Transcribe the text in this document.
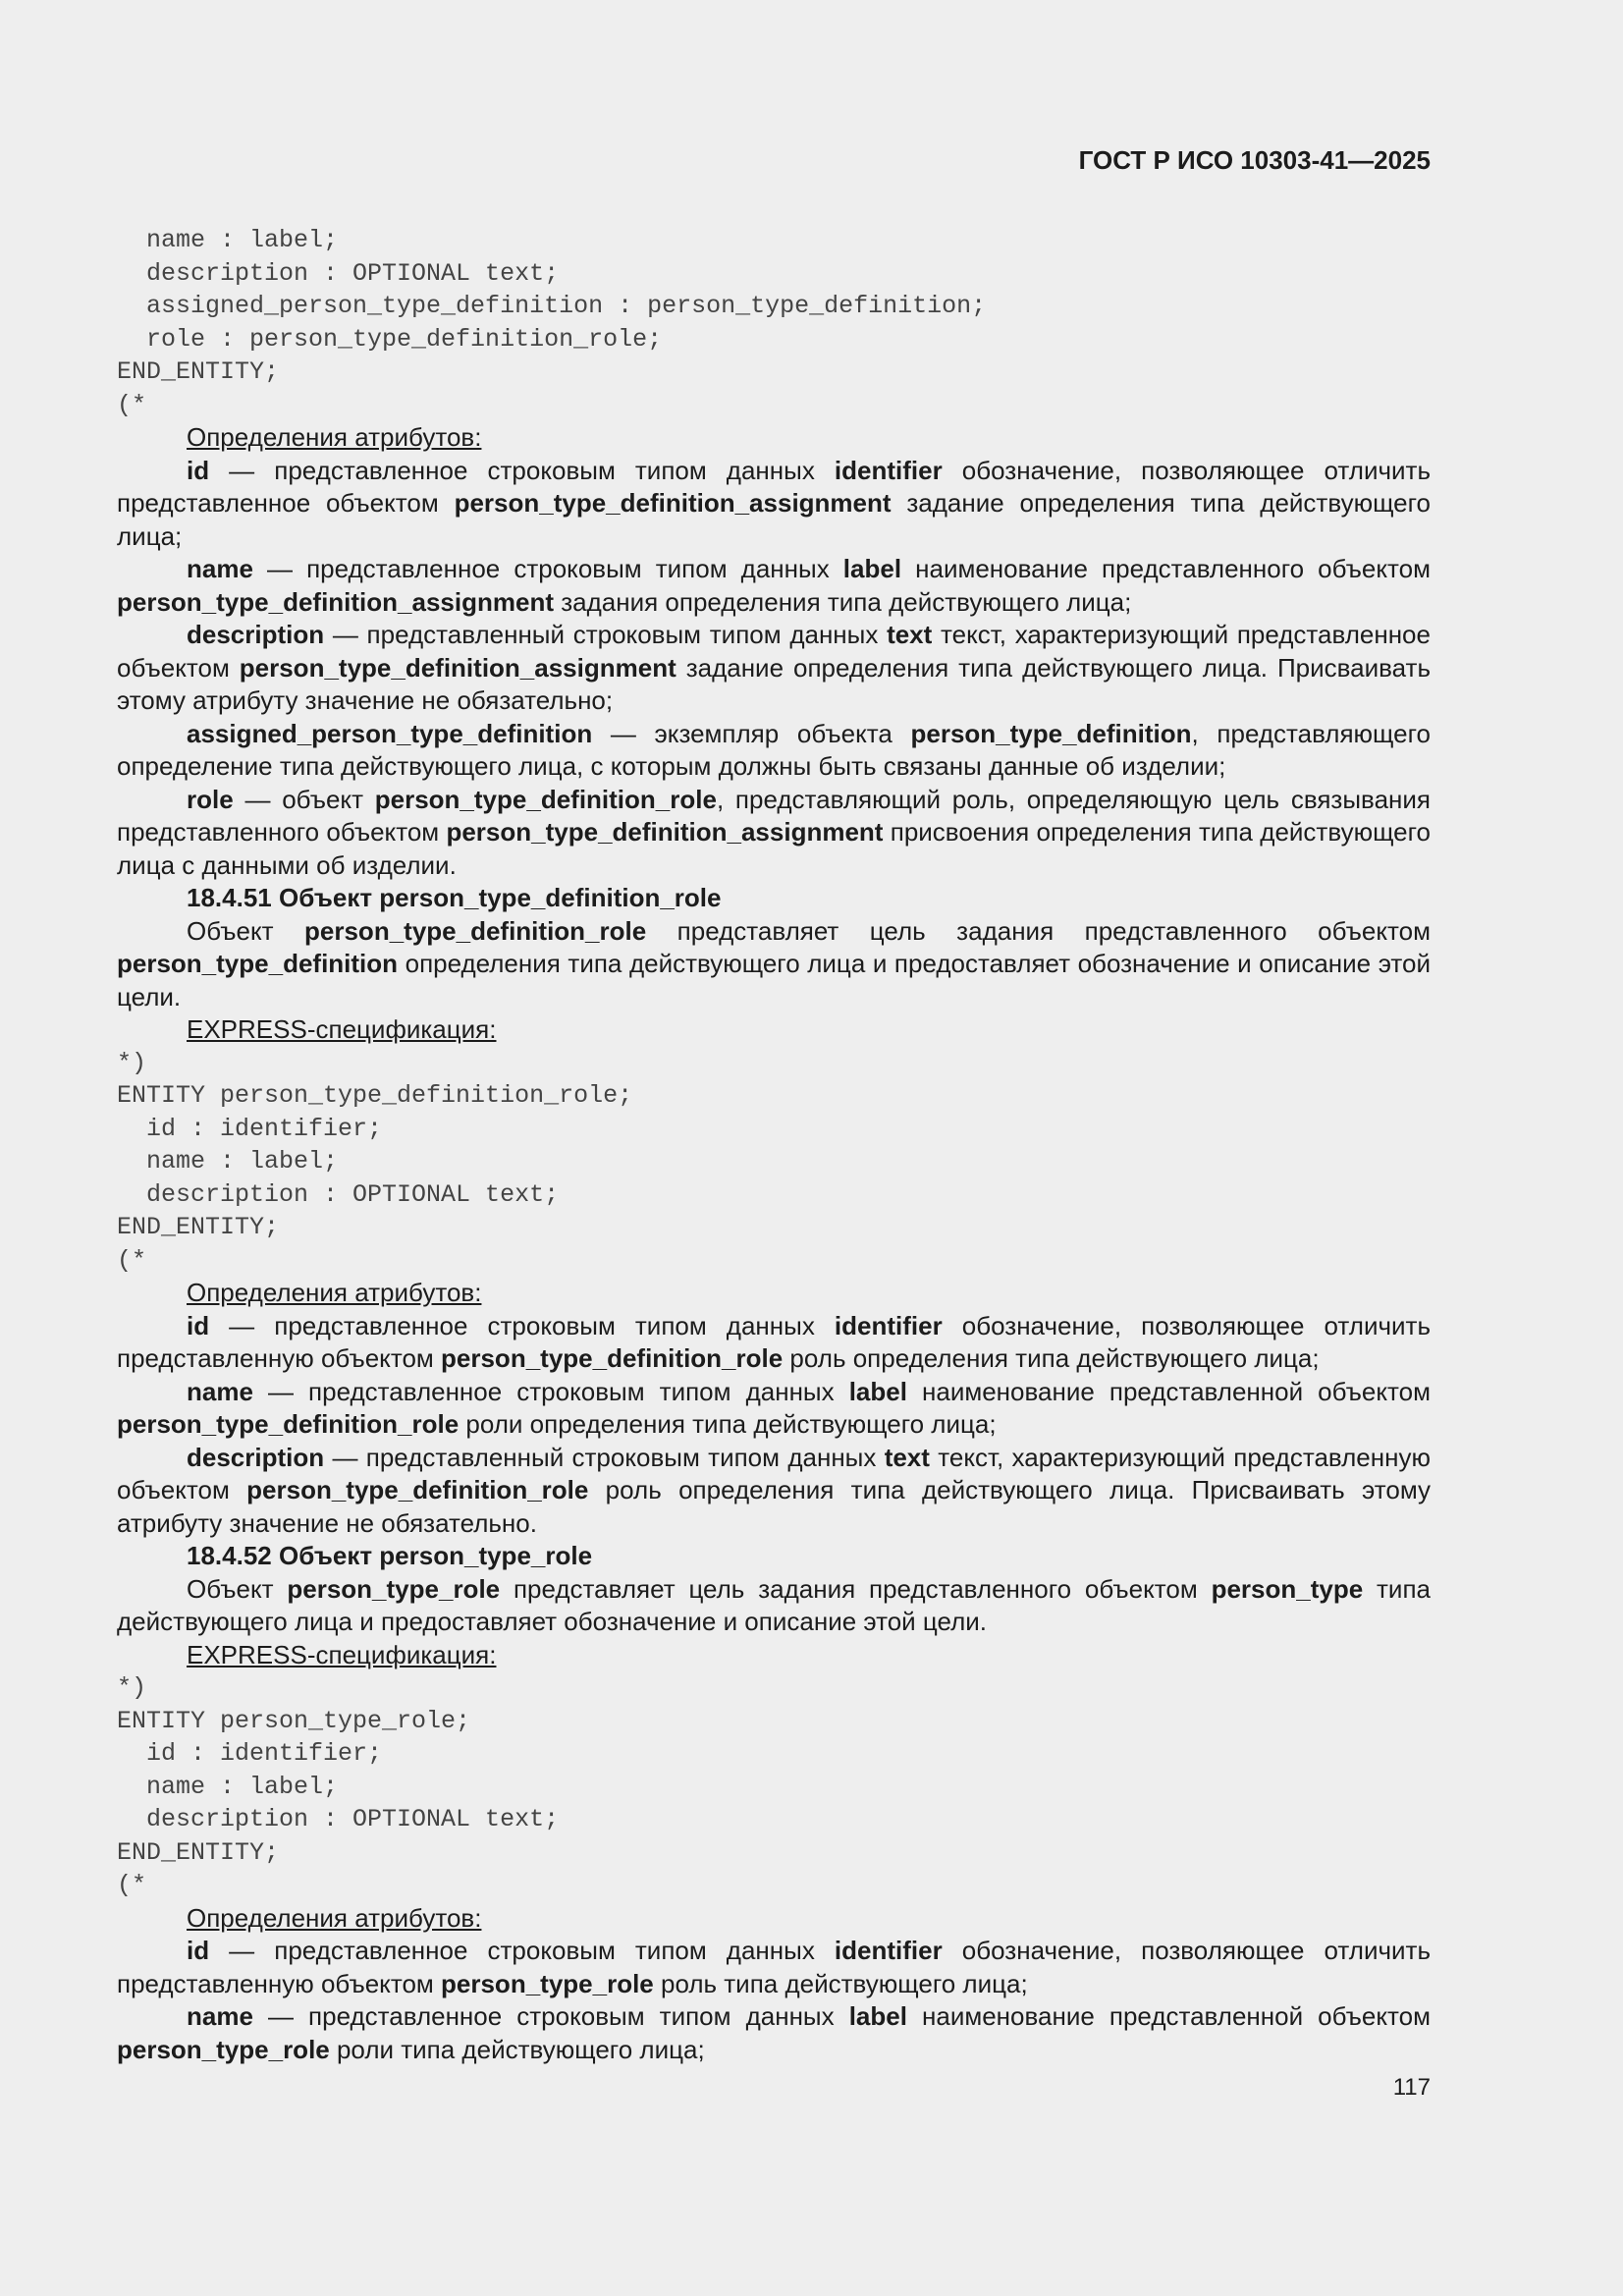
ГОСТ Р ИСО 10303-41—2025
name : label;
description : OPTIONAL text;
assigned_person_type_definition : person_type_definition;
role : person_type_definition_role;
END_ENTITY;
(*

Определения атрибутов:

id — представленное строковым типом данных identifier обозначение, позволяющее отличить представленное объектом person_type_definition_assignment задание определения типа действующего лица;

name — представленное строковым типом данных label наименование представленного объектом person_type_definition_assignment задания определения типа действующего лица;

description — представленный строковым типом данных text текст, характеризующий представленное объектом person_type_definition_assignment задание определения типа действующего лица. Присваивать этому атрибуту значение не обязательно;

assigned_person_type_definition — экземпляр объекта person_type_definition, представляющего определение типа действующего лица, с которым должны быть связаны данные об изделии;

role — объект person_type_definition_role, представляющий роль, определяющую цель связывания представленного объектом person_type_definition_assignment присвоения определения типа действующего лица с данными об изделии.

18.4.51 Объект person_type_definition_role

Объект person_type_definition_role представляет цель задания представленного объектом person_type_definition определения типа действующего лица и предоставляет обозначение и описание этой цели.

EXPRESS-спецификация:

*)
ENTITY person_type_definition_role;
id : identifier;
name : label;
description : OPTIONAL text;
END_ENTITY;
(*

Определения атрибутов:

id — представленное строковым типом данных identifier обозначение, позволяющее отличить представленную объектом person_type_definition_role роль определения типа действующего лица;

name — представленное строковым типом данных label наименование представленной объектом person_type_definition_role роли определения типа действующего лица;

description — представленный строковым типом данных text текст, характеризующий представленную объектом person_type_definition_role роль определения типа действующего лица. Присваивать этому атрибуту значение не обязательно.

18.4.52 Объект person_type_role

Объект person_type_role представляет цель задания представленного объектом person_type типа действующего лица и предоставляет обозначение и описание этой цели.

EXPRESS-спецификация:

*)
ENTITY person_type_role;
id : identifier;
name : label;
description : OPTIONAL text;
END_ENTITY;
(*

Определения атрибутов:

id — представленное строковым типом данных identifier обозначение, позволяющее отличить представленную объектом person_type_role роль типа действующего лица;

name — представленное строковым типом данных label наименование представленной объектом person_type_role роли типа действующего лица;

117
